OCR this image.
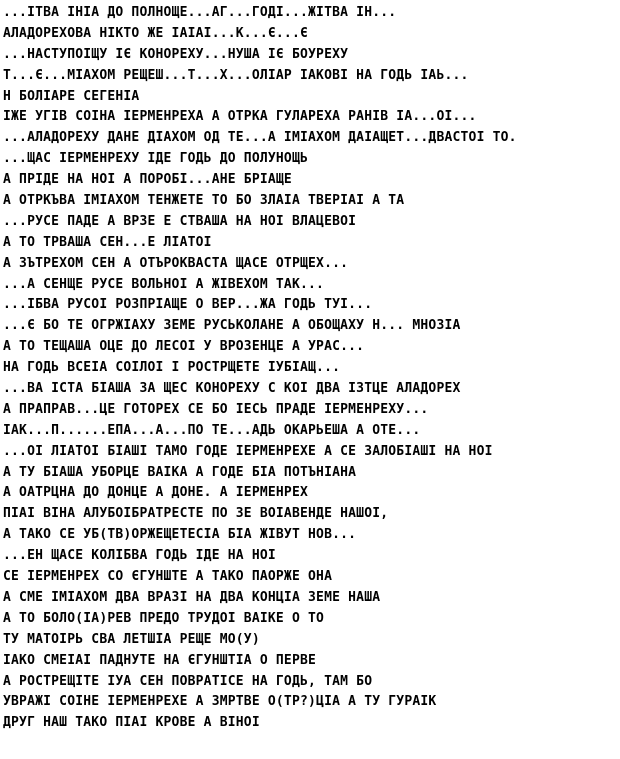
...ІТВА ІНІА ДО ПОЛНОЩЕ...АГ...ГОДІ...ЖІТВА ІН...
АЛАДОРЕХОВА НІКТО ЖЕ ІАІАІ...К...Є...Є
...НАСТУПОІЩУ ІЄ КОНОРЕХУ...НУША ІЄ БОУРЕХУ
Т...Є...МІАХОМ РЕЩЕШ...Т...Х...ОЛІАР ІАКОВІ НА ГОДЬ ІАЬ...
Н БОЛІАРЕ СЕГЕНІА
ІЖЕ УГІВ СОІНА ІЕРМЕНРЕХА А ОТРКА ГУЛАРЕХА РАНІВ ІА...ОІ...
...АЛАДОРЕХУ ДАНЕ ДІАХОМ ОД ТЕ...А ІМІАХОМ ДАІАЩЕТ...ДВАСТОІ ТО.
...ЩАС ІЕРМЕНРЕХУ ІДЕ ГОДЬ ДО ПОЛУНОЩЬ
А ПРІДЕ НА НОІ А ПОРОБІ...АНЕ БРІАЩЕ
А ОТРКЪВА ІМІАХОМ ТЕНЖЕТЕ ТО БО ЗЛАІА ТВЕРІАІ А ТА
...РУСЕ ПАДЕ А ВРЗЕ Е СТВАША НА НОІ ВЛАЦЕВОІ
А ТО ТРВАША СЕН...Е ЛІАТОІ
А ЗЪТРЕХОМ СЕН А ОТЪРОКВАСТА ЩАСЕ ОТРЩЕХ...
...А СЕНЩЕ РУСЕ ВОЛЬНОІ А ЖІВЕХОМ ТАК...
...ІБВА РУСОІ РОЗПРІАЩЕ О ВЕР...ЖА ГОДЬ ТУІ...
...Є БО ТЕ ОГРЖІАХУ ЗЕМЕ РУСЬКОЛАНЕ А ОБОЩАХУ Н... МНОЗІА
А ТО ТЕЩАША ОЦЕ ДО ЛЕСОІ У ВРОЗЕНЦЕ А УРАС...
НА ГОДЬ ВСЕІА СОІЛОІ І РОСТРЩЕТЕ ІУБІАЩ...
...ВА ІСТА БІАША ЗА ЩЕС КОНОРЕХУ С КОІ ДВА ІЗТЦЕ АЛАДОРЕХ
А ПРАПРАВ...ЦЕ ГОТОРЕХ СЕ БО ІЕСЬ ПРАДЕ ІЕРМЕНРЕХУ...
ІАК...П......ЕПА...А...ПО ТЕ...АДЬ ОКАРЬЕША А ОТЕ...
...ОІ ЛІАТОІ БІАШІ ТАМО ГОДЕ ІЕРМЕНРЕХЕ А СЕ ЗАЛОБІАШІ НА НОІ
А ТУ БІАША УБОРЦЕ ВАІКА А ГОДЕ БІА ПОТЪНІАНА
А ОАТРЦНА ДО ДОНЦЕ А ДОНЕ. А ІЕРМЕНРЕХ
ПІАІ ВІНА АЛУБОІБРАТРЕСТЕ ПО ЗЕ ВОІАВЕНДЕ НАШОІ,
А ТАКО СЕ УБ(ТВ)ОРЖЕЩЕТЕСІА БІА ЖІВУТ НОВ...
...ЕН ЩАСЕ КОЛІБВА ГОДЬ ІДЕ НА НОІ
СЕ ІЕРМЕНРЕХ СО ЄГУНШТЕ А ТАКО ПАОРЖЕ ОНА
А СМЕ ІМІАХОМ ДВА ВРАЗІ НА ДВА КОНЦІА ЗЕМЕ НАША
А ТО БОЛО(ІА)РЕВ ПРЕДО ТРУДОІ ВАІКЕ О ТО
ТУ МАТОІРЬ СВА ЛЕТШІА РЕЩЕ МО(У)
ІАКО СМЕІАІ ПАДНУТЕ НА ЄГУНШТІА О ПЕРВЕ
А РОСТРЕЩІТЕ ІУА СЕН ПОВРАТІСЕ НА ГОДЬ, ТАМ БО
УВРАЖІ СОІНЕ ІЕРМЕНРЕХЕ А ЗМРТВЕ О(ТР?)ЦІА А ТУ ГУРАІК
ДРУГ НАШ ТАКО ПІАІ КРОВЕ А ВІНОІ
